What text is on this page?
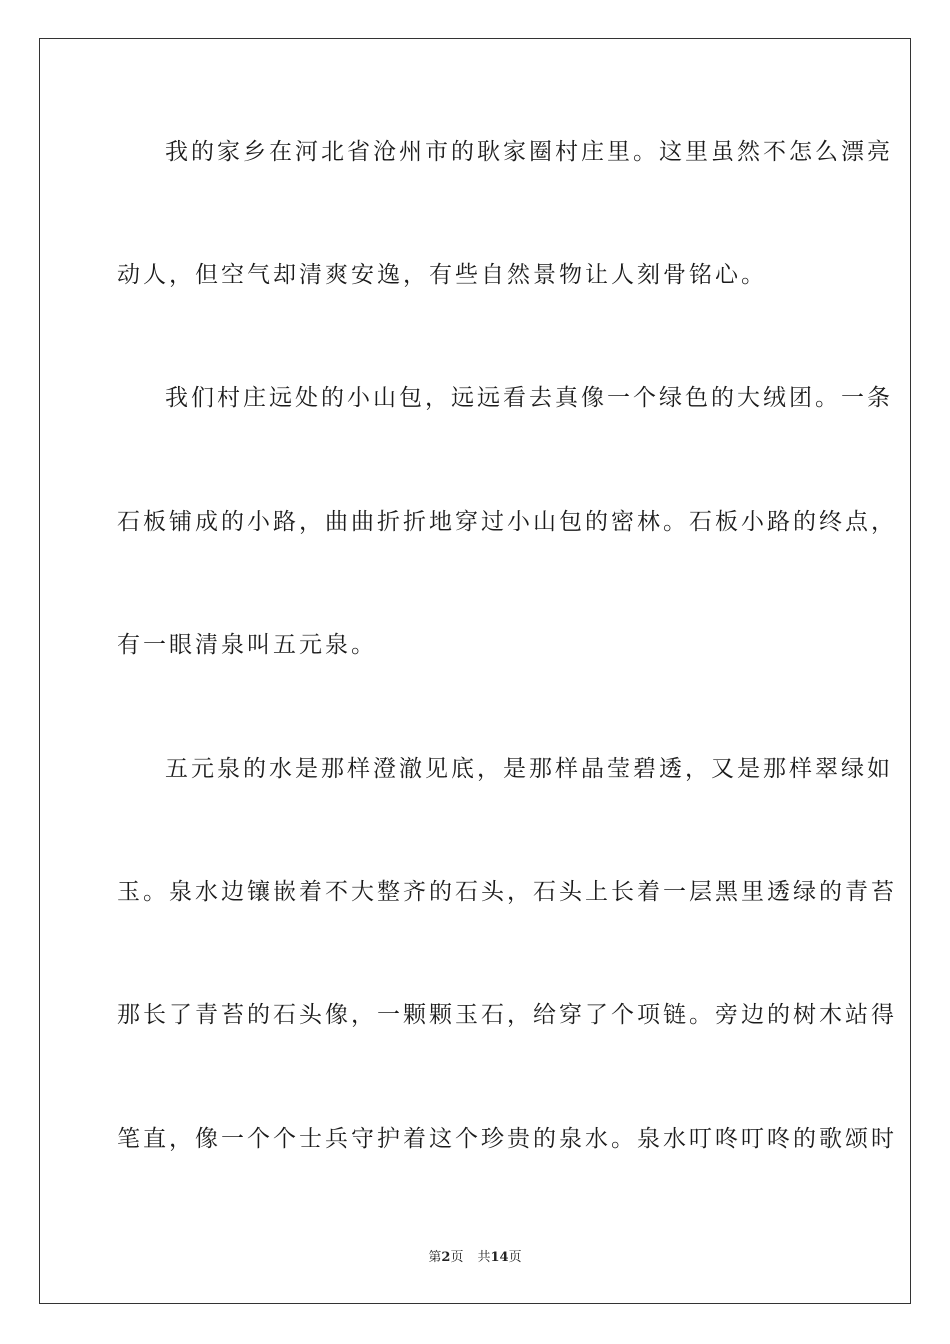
我的家乡在河北省沧州市的耿家圈村庄里。这里虽然不怎么漂亮
动人，但空气却清爽安逸，有些自然景物让人刻骨铭心。
我们村庄远处的小山包，远远看去真像一个绿色的大绒团。一条
石板铺成的小路，曲曲折折地穿过小山包的密林。石板小路的终点，
有一眼清泉叫五元泉。
五元泉的水是那样澄澈见底，是那样晶莹碧透，又是那样翠绿如
玉。泉水边镶嵌着不大整齐的石头，石头上长着一层黑里透绿的青苔
那长了青苔的石头像，一颗颗玉石，给穿了个项链。旁边的树木站得
笔直，像一个个士兵守护着这个珍贵的泉水。泉水叮咚叮咚的歌颂时
第2页 共14页
